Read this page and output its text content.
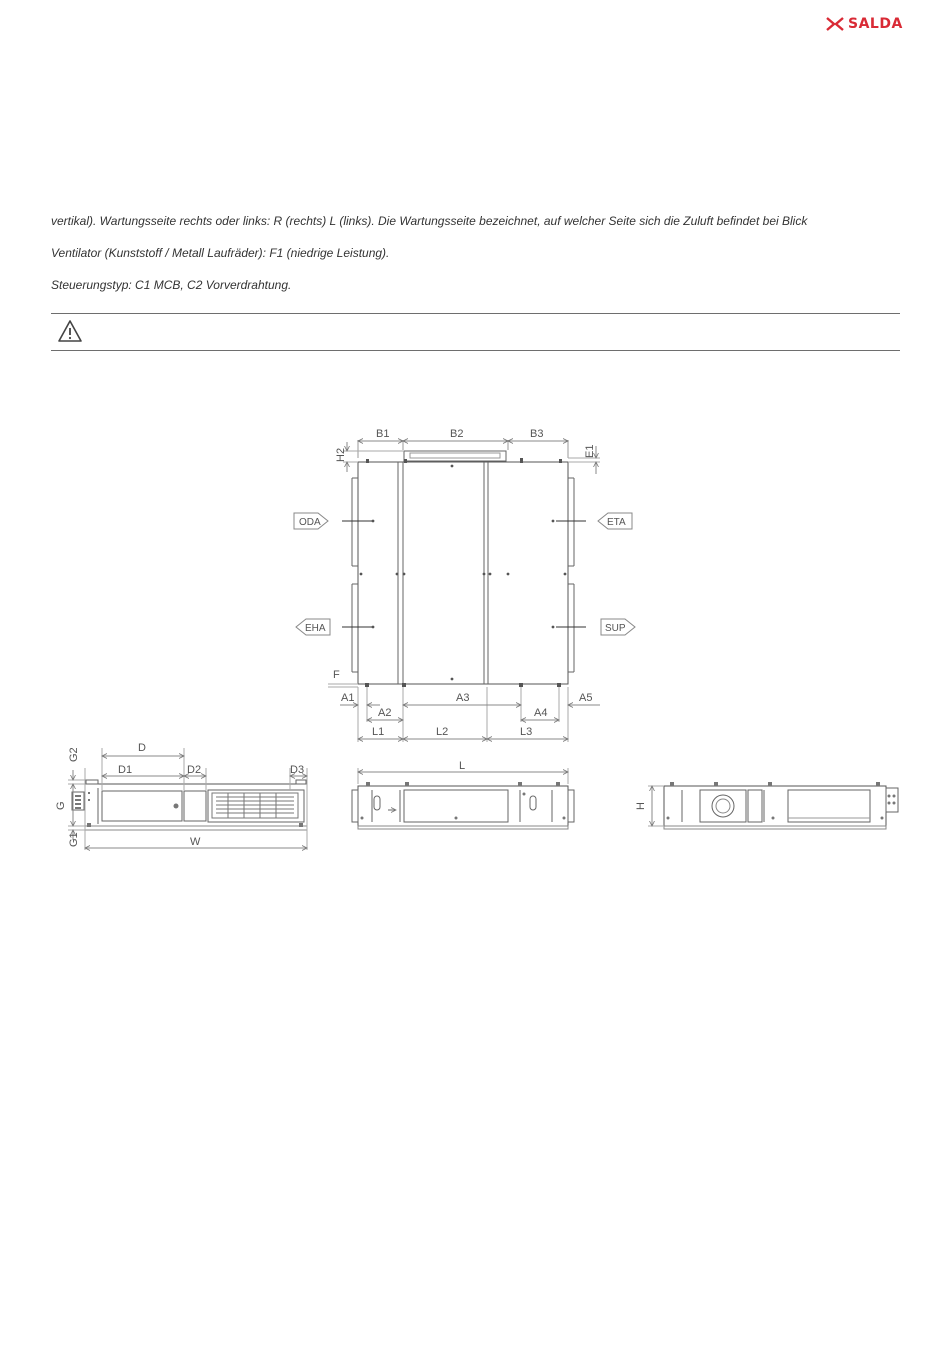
SALDA
vertikal). Wartungsseite rechts oder links: R (rechts) L (links). Die Wartungsseite bezeichnet, auf welcher Seite sich die Zuluft befindet bei Blick
Ventilator (Kunststoff / Metall Laufräder): F1 (niedrige Leistung).
Steuerungstyp: C1 MCB, C2 Vorverdrahtung.
B1	B2	B3
H2	E1
F
ODA
EHA
ETA
SUP
A1
A2
A3
A4
A5
L1	L2	L3
G2
G
G1
D
D1	D2	D3
W
L
H
